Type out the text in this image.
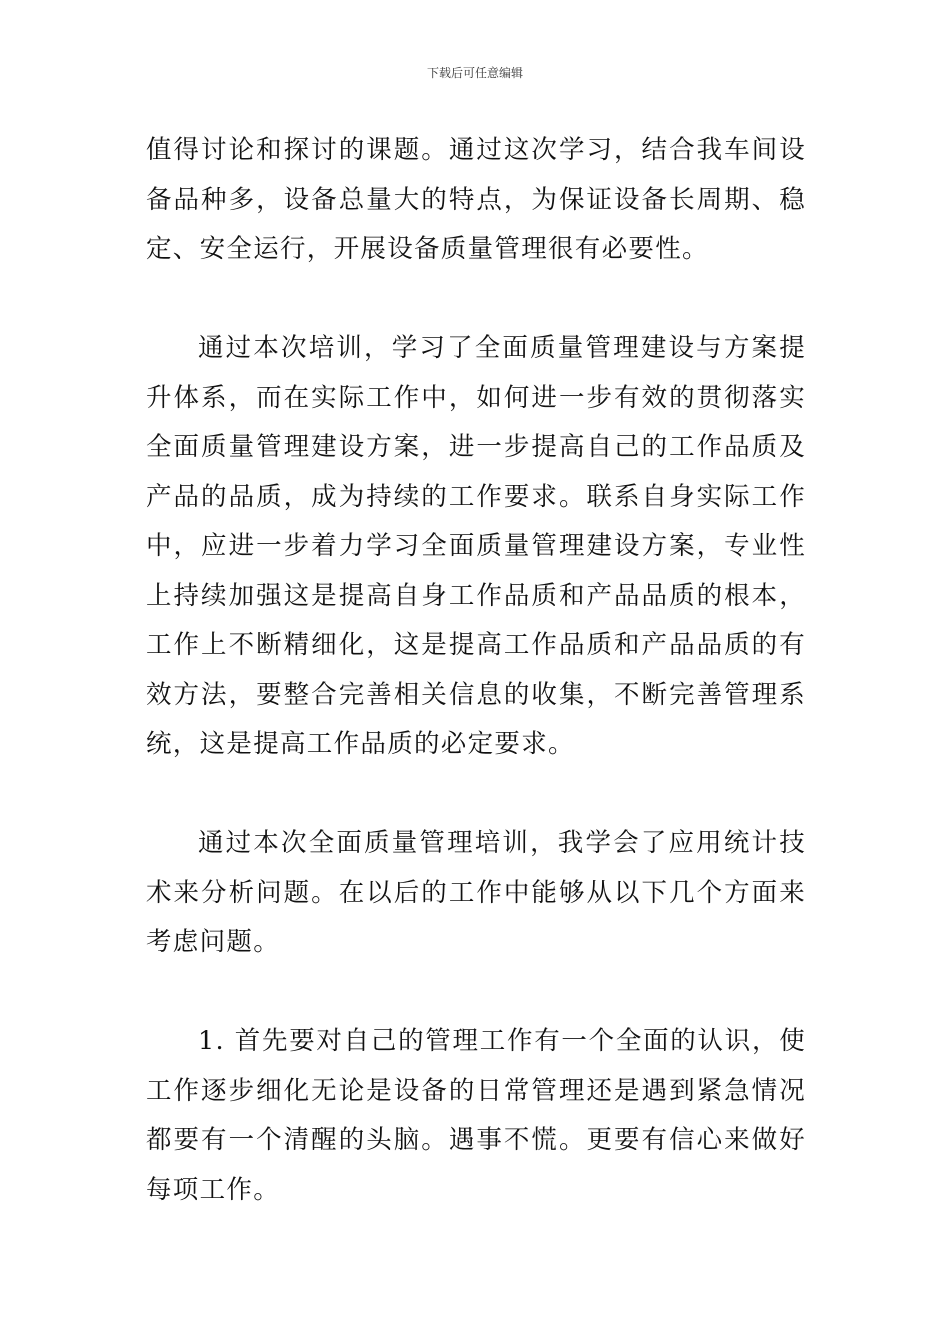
下载后可任意编辑

值得讨论和探讨的课题。通过这次学习，结合我车间设备品种多，设备总量大的特点，为保证设备长周期、稳定、安全运行，开展设备质量管理很有必要性。

通过本次培训，学习了全面质量管理建设与方案提升体系，而在实际工作中，如何进一步有效的贯彻落实全面质量管理建设方案，进一步提高自己的工作品质及产品的品质，成为持续的工作要求。联系自身实际工作中，应进一步着力学习全面质量管理建设方案，专业性上持续加强这是提高自身工作品质和产品品质的根本，工作上不断精细化，这是提高工作品质和产品品质的有效方法，要整合完善相关信息的收集，不断完善管理系统，这是提高工作品质的必定要求。

通过本次全面质量管理培训，我学会了应用统计技术来分析问题。在以后的工作中能够从以下几个方面来考虑问题。

1. 首先要对自己的管理工作有一个全面的认识，使工作逐步细化无论是设备的日常管理还是遇到紧急情况都要有一个清醒的头脑。遇事不慌。更要有信心来做好每项工作。
